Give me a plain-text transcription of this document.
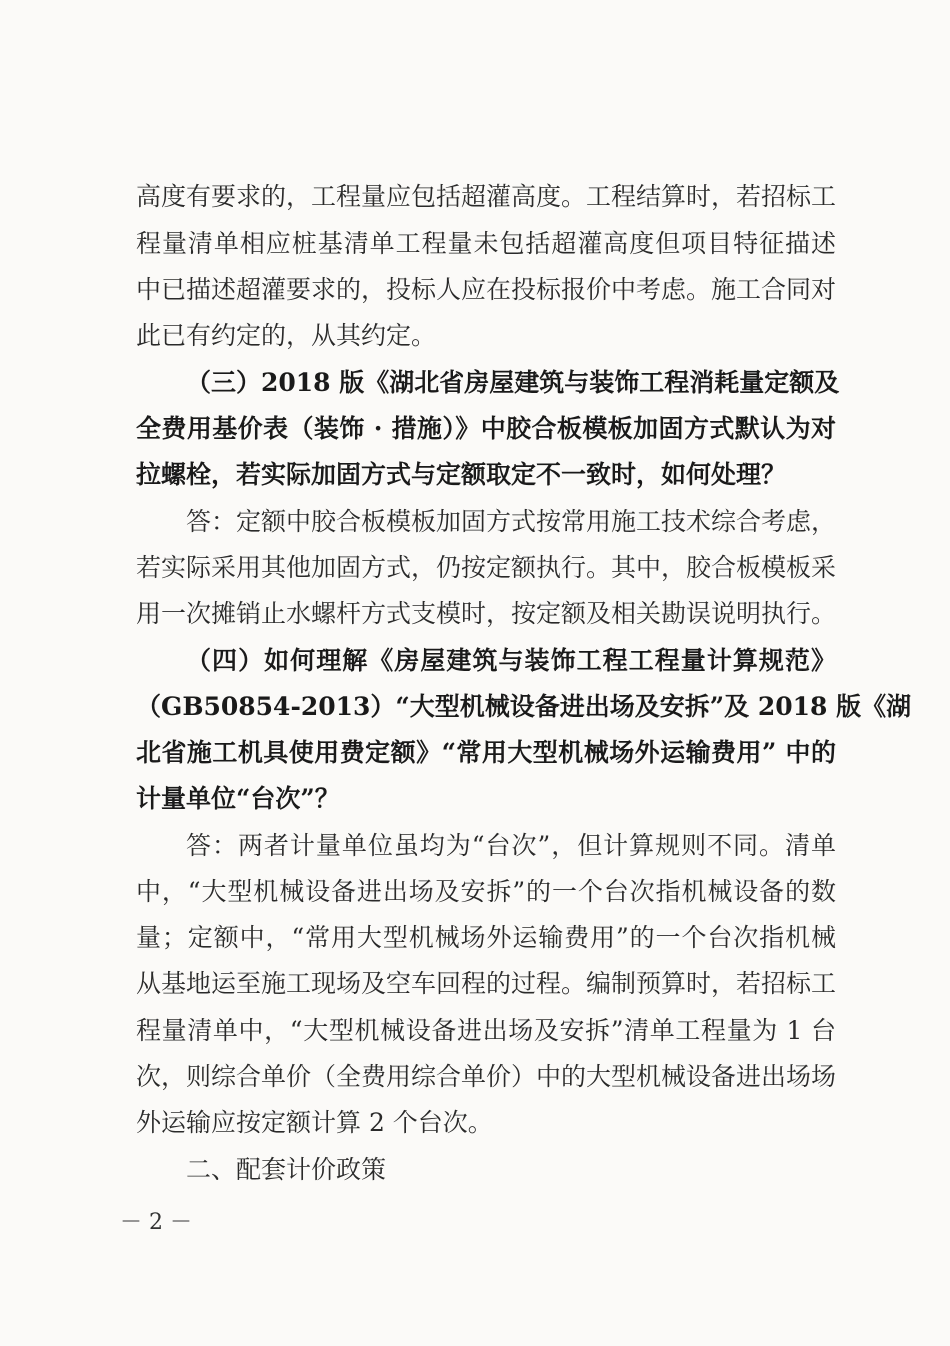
高度有要求的，工程量应包括超灌高度。工程结算时，若招标工
程量清单相应桩基清单工程量未包括超灌高度但项目特征描述
中已描述超灌要求的，投标人应在投标报价中考虑。施工合同对
此已有约定的，从其约定。
（三）2018 版《湖北省房屋建筑与装饰工程消耗量定额及
全费用基价表（装饰 · 措施）》中胶合板模板加固方式默认为对
拉螺栓，若实际加固方式与定额取定不一致时，如何处理？
答：定额中胶合板模板加固方式按常用施工技术综合考虑，
若实际采用其他加固方式，仍按定额执行。其中，胶合板模板采
用一次摊销止水螺杆方式支模时，按定额及相关勘误说明执行。
（四）如何理解《房屋建筑与装饰工程工程量计算规范》
（GB50854-2013）“大型机械设备进出场及安拆”及 2018 版《湖
北省施工机具使用费定额》“常用大型机械场外运输费用” 中的
计量单位“台次”？
答：两者计量单位虽均为“台次”，但计算规则不同。清单
中，“大型机械设备进出场及安拆”的一个台次指机械设备的数
量；定额中，“常用大型机械场外运输费用”的一个台次指机械
从基地运至施工现场及空车回程的过程。编制预算时，若招标工
程量清单中，“大型机械设备进出场及安拆”清单工程量为 1 台
次，则综合单价（全费用综合单价）中的大型机械设备进出场场
外运输应按定额计算 2 个台次。
二、配套计价政策
－ 2 －
